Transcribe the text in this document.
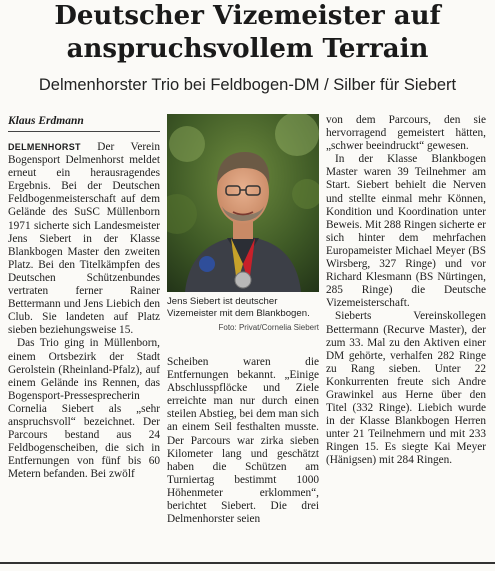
Deutscher Vizemeister auf
anspruchsvollem Terrain
Delmenhorster Trio bei Feldbogen-DM / Silber für Siebert
Klaus Erdmann

DELMENHORST Der Verein Bogensport Delmenhorst meldet erneut ein herausragendes Ergebnis. Bei der Deutschen Feldbogenmeisterschaft auf dem Gelände des SuSC Müllenborn 1971 sicherte sich Landesmeister Jens Siebert in der Klasse Blankbogen Master den zweiten Platz. Bei den Titelkämpfen des Deutschen Schützenbundes vertraten ferner Rainer Bettermann und Jens Liebich den Club. Sie landeten auf Platz sieben beziehungsweise 15.

Das Trio ging in Müllenborn, einem Ortsbezirk der Stadt Gerolstein (Rheinland-Pfalz), auf einem Gelände ins Rennen, das Bogensport-Pressesprecherin Cornelia Siebert als „sehr anspruchsvoll“ bezeichnet. Der Parcours bestand aus 24 Feldbogenscheiben, die sich in Entfernungen von fünf bis 60 Metern befanden. Bei zwölf

Jens Siebert ist deutscher Vizemeister mit dem Blankbogen.
Foto: Privat/Cornelia Siebert

Scheiben waren die Entfernungen bekannt. „Einige Abschlusspflöcke und Ziele erreichte man nur durch einen steilen Abstieg, bei dem man sich an einem Seil festhalten musste. Der Parcours war zirka sieben Kilometer lang und geschätzt haben die Schützen am Turniertag bestimmt 1000 Höhenmeter erklommen“, berichtet Siebert. Die drei Delmenhorster seien

von dem Parcours, den sie hervorragend gemeistert hätten, „schwer beeindruckt“ gewesen.

In der Klasse Blankbogen Master waren 39 Teilnehmer am Start. Siebert behielt die Nerven und stellte einmal mehr Können, Kondition und Koordination unter Beweis. Mit 288 Ringen sicherte er sich hinter dem mehrfachen Europameister Michael Meyer (BS Wirsberg, 327 Ringe) und vor Richard Klesmann (BS Nürtingen, 285 Ringe) die Deutsche Vizemeisterschaft.

Sieberts Vereinskollegen Bettermann (Recurve Master), der zum 33. Mal zu den Aktiven einer DM gehörte, verhalfen 282 Ringe zu Rang sieben. Unter 22 Konkurrenten freute sich Andre Grawinkel aus Herne über den Titel (332 Ringe). Liebich wurde in der Klasse Blankbogen Herren unter 21 Teilnehmern und mit 233 Ringen 15. Es siegte Kai Meyer (Hänigsen) mit 284 Ringen.
